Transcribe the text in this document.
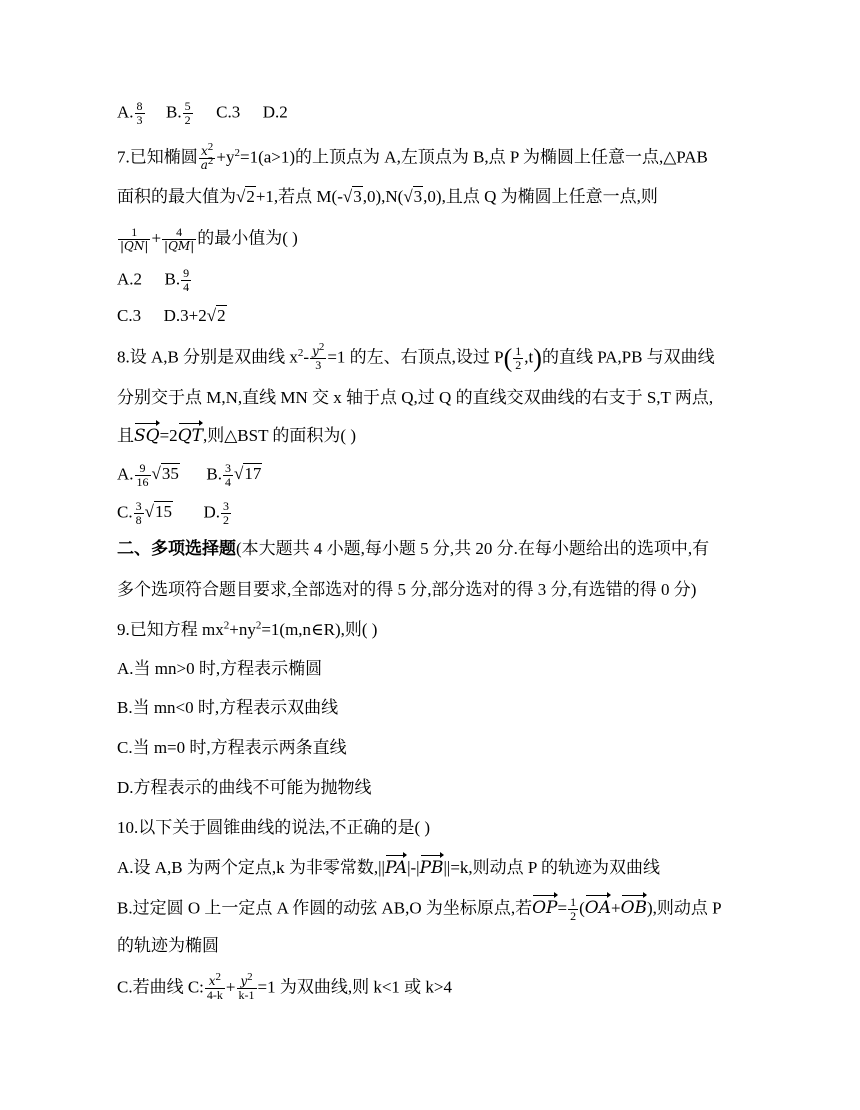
A. $\frac{8}{3} B$. $\frac{5}{2} C.3$ D.2
7.已知椭圆 $\frac{x2}{a2} +y^2=1(a>1)$的上顶点为 A,左顶点为 B,点 P 为椭圆上任意一点,△PAB
面积的最大值为√2+1,若点 M(-√3,0),N(√3,0),且点 Q 为椭圆上任意一点,则
$\frac{1}{|QN|} + \frac{4}{|QM|}$ 的最小值为( )
A.2 B. $\frac{9}{4}$
C.3 D.3+2√2
8.设 A,B 分别是双曲线 $x^2- \frac{y2}{3} =1$ 的左、右顶点,设过 $P( \frac{1}{2} ,t)$的直线 PA,PB 与双曲线
分别交于点 M,N,直线 MN 交 x 轴于点 Q,过 Q 的直线交双曲线的右支于 S,T 两点,
且SQ=2QT,则△BST 的面积为( )
A. $\frac{9}{16} √35$ B. $\frac{3}{4} √17$
C. $\frac{3}{8} √15$ D. $\frac{3}{2}$
二、多项选择题(本大题共 4 小题,每小题 5 分,共 20 分.在每小题给出的选项中,有
多个选项符合题目要求,全部选对的得 5 分,部分选对的得 3 分,有选错的得 0 分)
9.已知方程 $mx^2+ny^2=1(m,n\in R)$,则( )
A.当 mn>0 时,方程表示椭圆
B.当 mn<0 时,方程表示双曲线
C.当 m=0 时,方程表示两条直线
D.方程表示的曲线不可能为抛物线
10.以下关于圆锥曲线的说法,不正确的是( )
A.设 A,B 为两个定点,k 为非零常数,||PA|-|PB||=k,则动点 P 的轨迹为双曲线
B.过定圆 O 上一定点 A 作圆的动弦 AB,O 为坐标原点,若$OP= \frac{1}{2} (OA+OB)$,则动点 P
的轨迹为椭圆
C.若曲线 C: $\frac{x2}{4-k} + \frac{y2}{k-1} =1$ 为双曲线,则 k<1 或 k>4
